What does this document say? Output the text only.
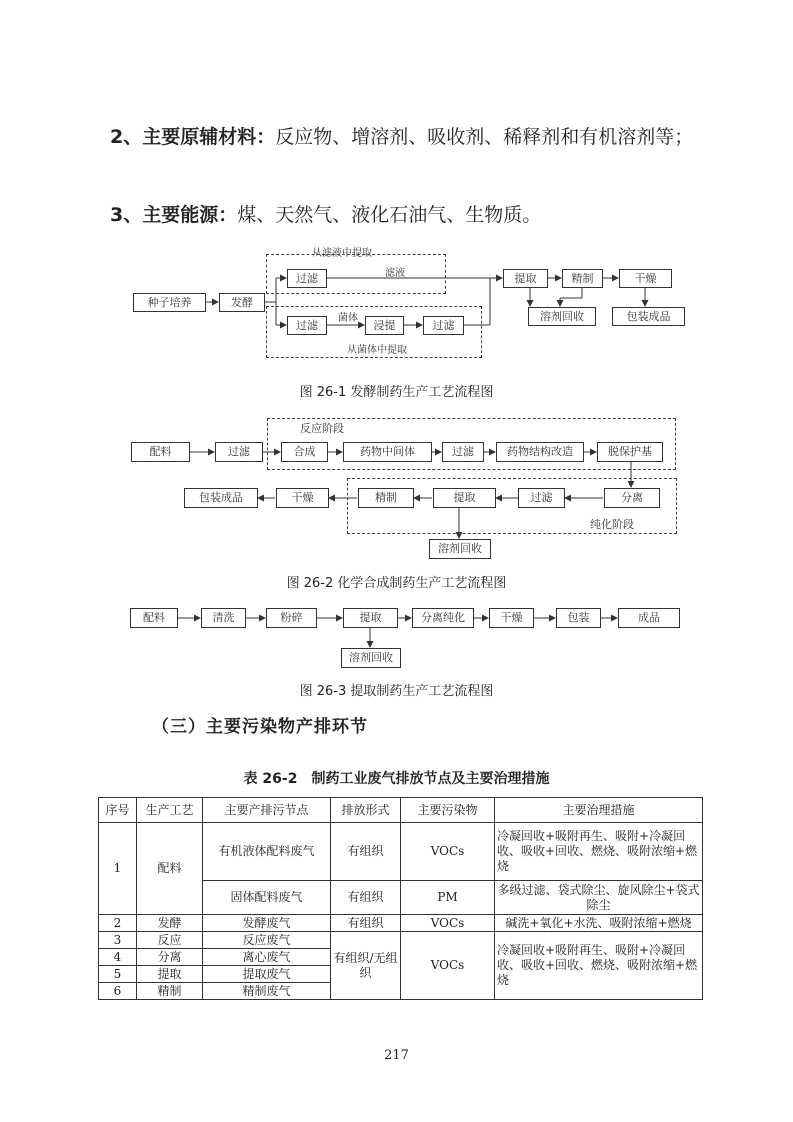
2、主要原辅材料：反应物、增溶剂、吸收剂、稀释剂和有机溶剂等；
3、主要能源：煤、天然气、液化石油气、生物质。
从滤液中提取
滤液
菌体
从菌体中提取
种子培养	发酵
过滤
过滤	浸提	过滤
提取	精制	干燥
溶剂回收	包装成品
图 26-1 发酵制药生产工艺流程图
反应阶段
纯化阶段
配料	过滤	合成	药物中间体	过滤	药物结构改造	脱保护基
分离
过滤
提取
精制
干燥
包装成品
溶剂回收
图 26-2 化学合成制药生产工艺流程图
配料	清洗	粉碎	提取	分离纯化	干燥	包装	成品
溶剂回收
图 26-3 提取制药生产工艺流程图
（三）主要污染物产排环节
表 26-2　制药工业废气排放节点及主要治理措施
序号	生产工艺	主要产排污节点	排放形式	主要污染物	主要治理措施
1	配料	有机液体配料废气	有组织	VOCs	冷凝回收+吸附再生、吸附+冷凝回收、吸收+回收、燃烧、吸附浓缩+燃烧
		固体配料废气	有组织	PM	多级过滤、袋式除尘、旋风除尘+袋式除尘
2	发酵	发酵废气	有组织	VOCs	碱洗+氧化+水洗、吸附浓缩+燃烧
3	反应	反应废气	有组织/无组织	VOCs	冷凝回收+吸附再生、吸附+冷凝回收、吸收+回收、燃烧、吸附浓缩+燃烧
4	分离	离心废气			
5	提取	提取废气			
6	精制	精制废气			
217
